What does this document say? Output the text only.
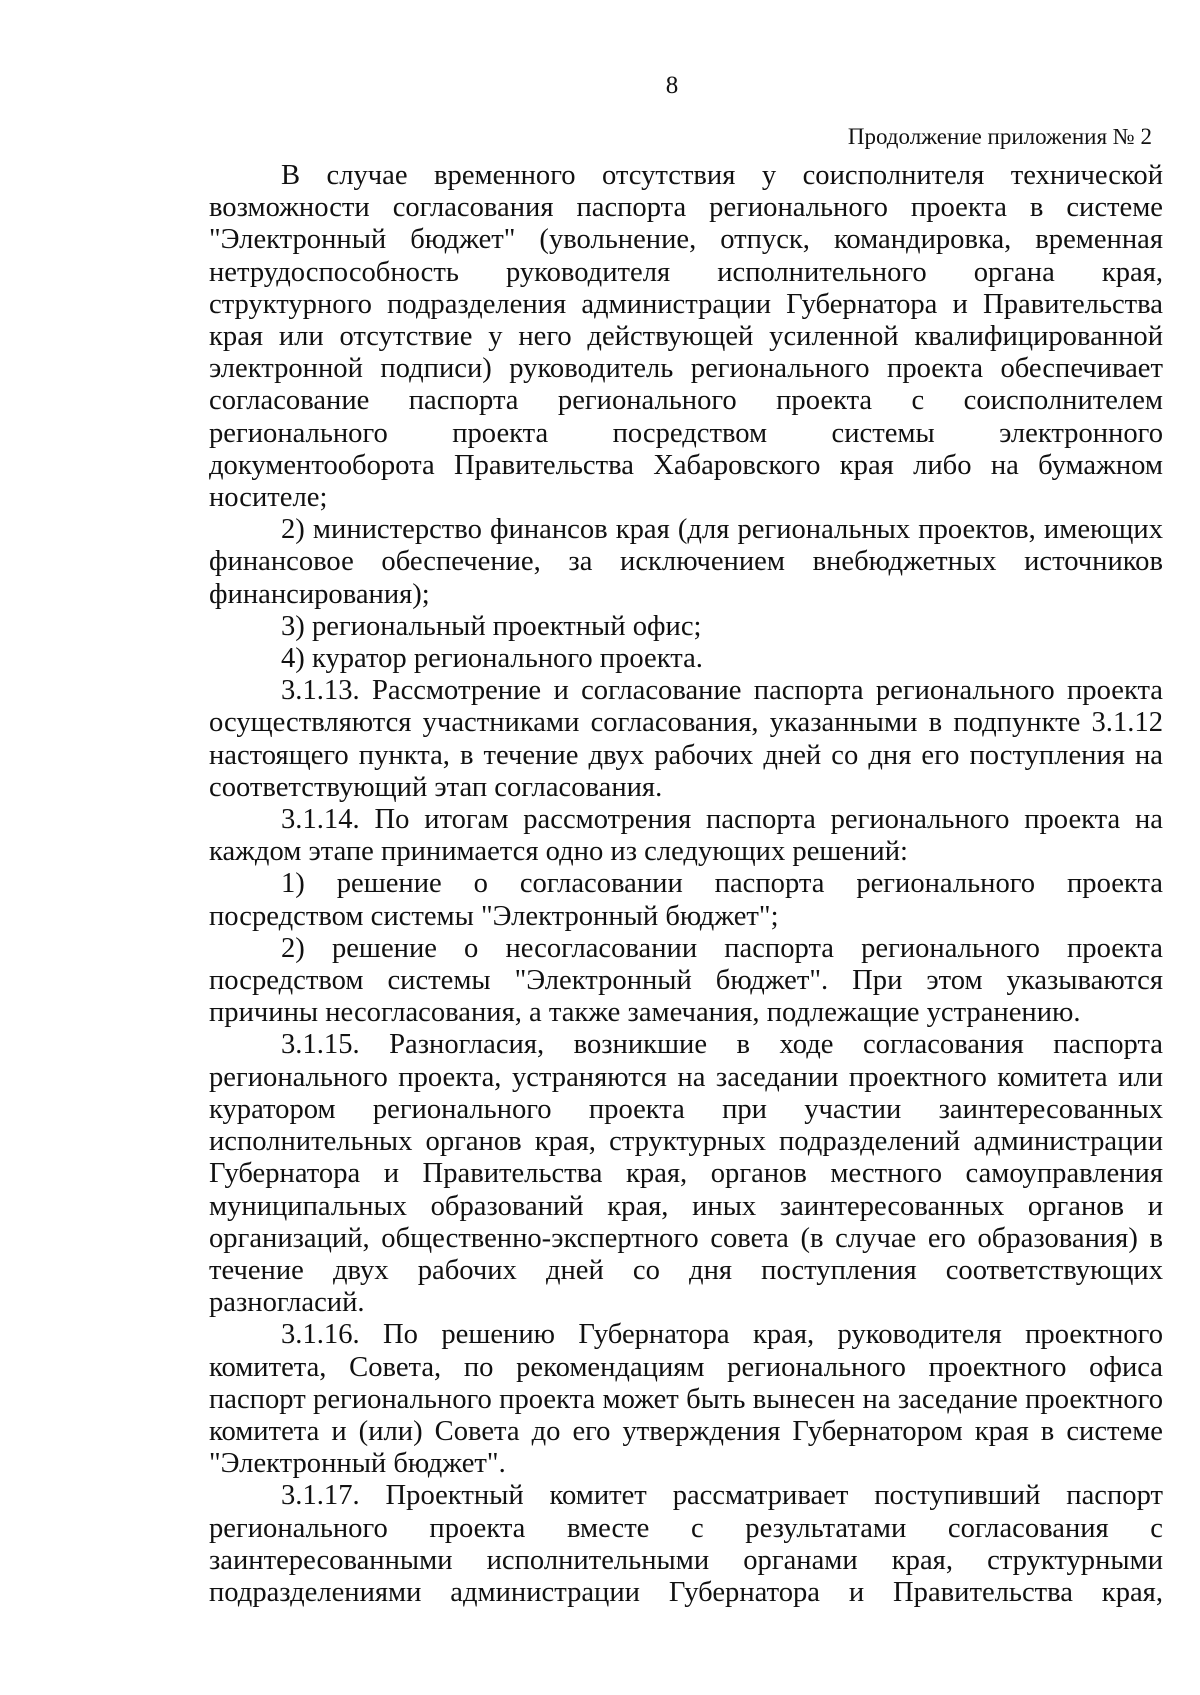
8
Продолжение приложения № 2

В случае временного отсутствия у соисполнителя технической возможности согласования паспорта регионального проекта в системе "Электронный бюджет" (увольнение, отпуск, командировка, временная нетрудоспособность руководителя исполнительного органа края, структурного подразделения администрации Губернатора и Правительства края или отсутствие у него действующей усиленной квалифицированной электронной подписи) руководитель регионального проекта обеспечивает согласование паспорта регионального проекта с соисполнителем регионального проекта посредством системы электронного документооборота Правительства Хабаровского края либо на бумажном носителе;

2) министерство финансов края (для региональных проектов, имеющих финансовое обеспечение, за исключением внебюджетных источников финансирования);

3) региональный проектный офис;

4) куратор регионального проекта.

3.1.13. Рассмотрение и согласование паспорта регионального проекта осуществляются участниками согласования, указанными в подпункте 3.1.12 настоящего пункта, в течение двух рабочих дней со дня его поступления на соответствующий этап согласования.

3.1.14. По итогам рассмотрения паспорта регионального проекта на каждом этапе принимается одно из следующих решений:

1) решение о согласовании паспорта регионального проекта посредством системы "Электронный бюджет";

2) решение о несогласовании паспорта регионального проекта посредством системы "Электронный бюджет". При этом указываются причины несогласования, а также замечания, подлежащие устранению.

3.1.15. Разногласия, возникшие в ходе согласования паспорта регионального проекта, устраняются на заседании проектного комитета или куратором регионального проекта при участии заинтересованных исполнительных органов края, структурных подразделений администрации Губернатора и Правительства края, органов местного самоуправления муниципальных образований края, иных заинтересованных органов и организаций, общественно-экспертного совета (в случае его образования) в течение двух рабочих дней со дня поступления соответствующих разногласий.

3.1.16. По решению Губернатора края, руководителя проектного комитета, Совета, по рекомендациям регионального проектного офиса паспорт регионального проекта может быть вынесен на заседание проектного комитета и (или) Совета до его утверждения Губернатором края в системе "Электронный бюджет".

3.1.17. Проектный комитет рассматривает поступивший паспорт регионального проекта вместе с результатами согласования с заинтересованными исполнительными органами края, структурными подразделениями администрации Губернатора и Правительства края,
